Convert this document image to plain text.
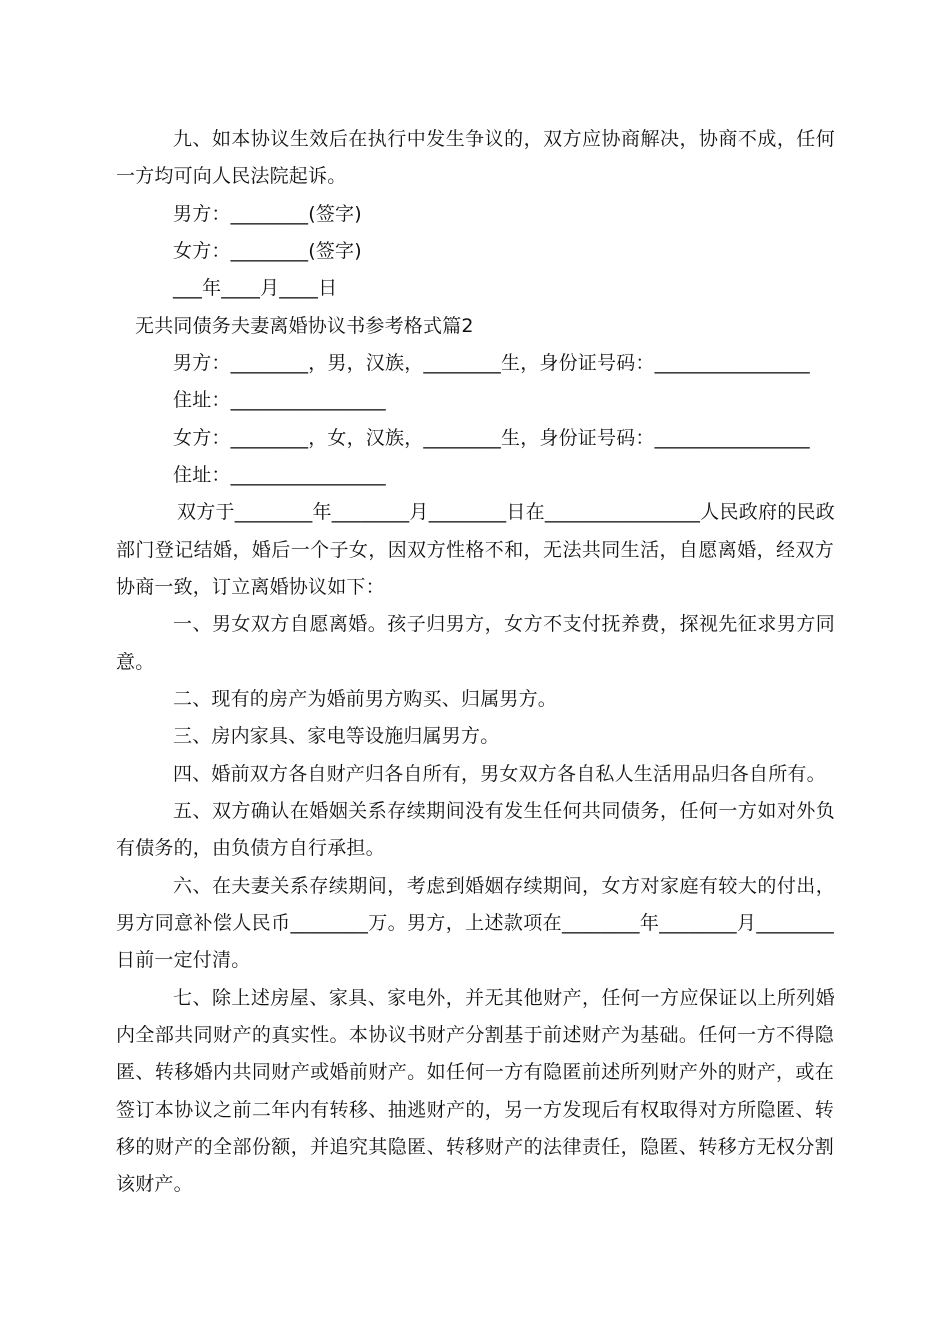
九、如本协议生效后在执行中发生争议的，双方应协商解决，协商不成，任何
一方均可向人民法院起诉。
男方：________(签字)
女方：________(签字)
___年____月____日
无共同债务夫妻离婚协议书参考格式篇2
男方：________，男，汉族，________生，身份证号码：________________
住址：________________
女方：________，女，汉族，________生，身份证号码：________________
住址：________________
双方于________年________月________日在________________人民政府的民政
部门登记结婚，婚后一个子女，因双方性格不和，无法共同生活，自愿离婚，经双方
协商一致，订立离婚协议如下：
一、男女双方自愿离婚。孩子归男方，女方不支付抚养费，探视先征求男方同
意。
二、现有的房产为婚前男方购买、归属男方。
三、房内家具、家电等设施归属男方。
四、婚前双方各自财产归各自所有，男女双方各自私人生活用品归各自所有。
五、双方确认在婚姻关系存续期间没有发生任何共同债务，任何一方如对外负
有债务的，由负债方自行承担。
六、在夫妻关系存续期间，考虑到婚姻存续期间，女方对家庭有较大的付出，
男方同意补偿人民币________万。男方，上述款项在________年________月________
日前一定付清。
七、除上述房屋、家具、家电外，并无其他财产，任何一方应保证以上所列婚
内全部共同财产的真实性。本协议书财产分割基于前述财产为基础。任何一方不得隐
匿、转移婚内共同财产或婚前财产。如任何一方有隐匿前述所列财产外的财产，或在
签订本协议之前二年内有转移、抽逃财产的，另一方发现后有权取得对方所隐匿、转
移的财产的全部份额，并追究其隐匿、转移财产的法律责任，隐匿、转移方无权分割
该财产。
